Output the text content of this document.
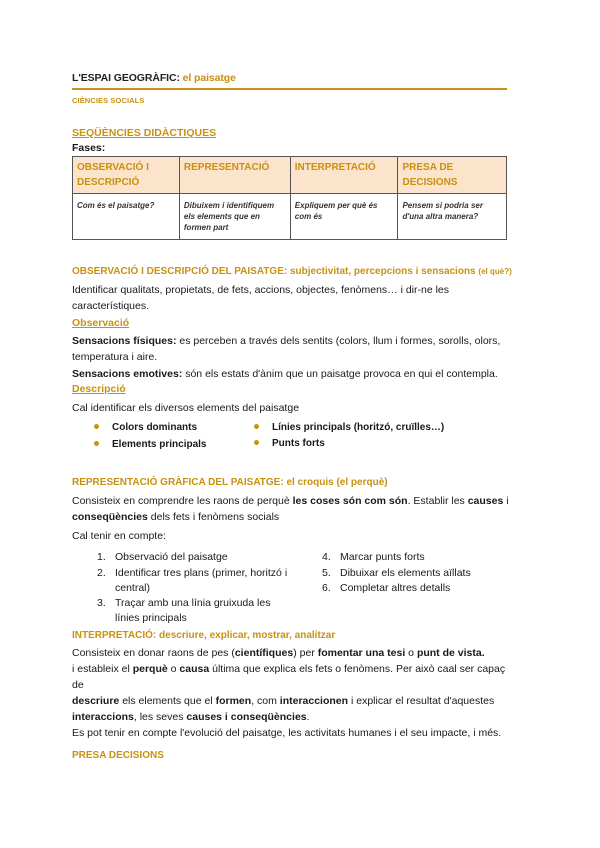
L'ESPAI GEOGRÀFIC: el paisatge
CIÈNCIES SOCIALS
SEQÜÈNCIES DIDÀCTIQUES
Fases:
OBSERVACIÓ I DESCRIPCIÓ	REPRESENTACIÓ	INTERPRETACIÓ	PRESA DE DECISIONS
Com és el paisatge?	Dibuixem i identifiquem els elements que en formen part	Expliquem per què és com és	Pensem si podria ser d'una altra manera?
OBSERVACIÓ I DESCRIPCIÓ DEL PAISATGE: subjectivitat, percepcions i sensacions (el què?)
Identificar qualitats, propietats, de fets, accions, objectes, fenòmens… i dir-ne les característiques.
Observació
Sensacions físiques: es perceben a través dels sentits (colors, llum i formes, sorolls, olors, temperatura i aire.
Sensacions emotives: són els estats d'ànim que un paisatge provoca en qui el contempla.
Descripció
Cal identificar els diversos elements del paisatge
Colors dominants
Elements principals
Línies principals (horitzó, cruïlles…)
Punts forts
REPRESENTACIÓ GRÀFICA DEL PAISATGE: el croquis (el perquè)
Consisteix en comprendre les raons de perquè les coses són com són. Establir les causes i
conseqüències dels fets i fenòmens socials
Cal tenir en compte:
1. Observació del paisatge
2. Identificar tres plans (primer, horitzó i central)
3. Traçar amb una línia gruixuda les línies principals
4. Marcar punts forts
5. Dibuixar els elements aïllats
6. Completar altres detalls
INTERPRETACIÓ: descriure, explicar, mostrar, analitzar
Consisteix en donar raons de pes (científiques) per fomentar una tesi o punt de vista.
i estableix el perquè o causa última que explica els fets o fenòmens. Per això caal ser capaç de
descriure els elements que el formen, com interaccionen i explicar el resultat d'aquestes
interaccions, les seves causes i conseqüències.
Es pot tenir en compte l'evolució del paisatge, les activitats humanes i el seu impacte, i més.
PRESA DECISIONS
